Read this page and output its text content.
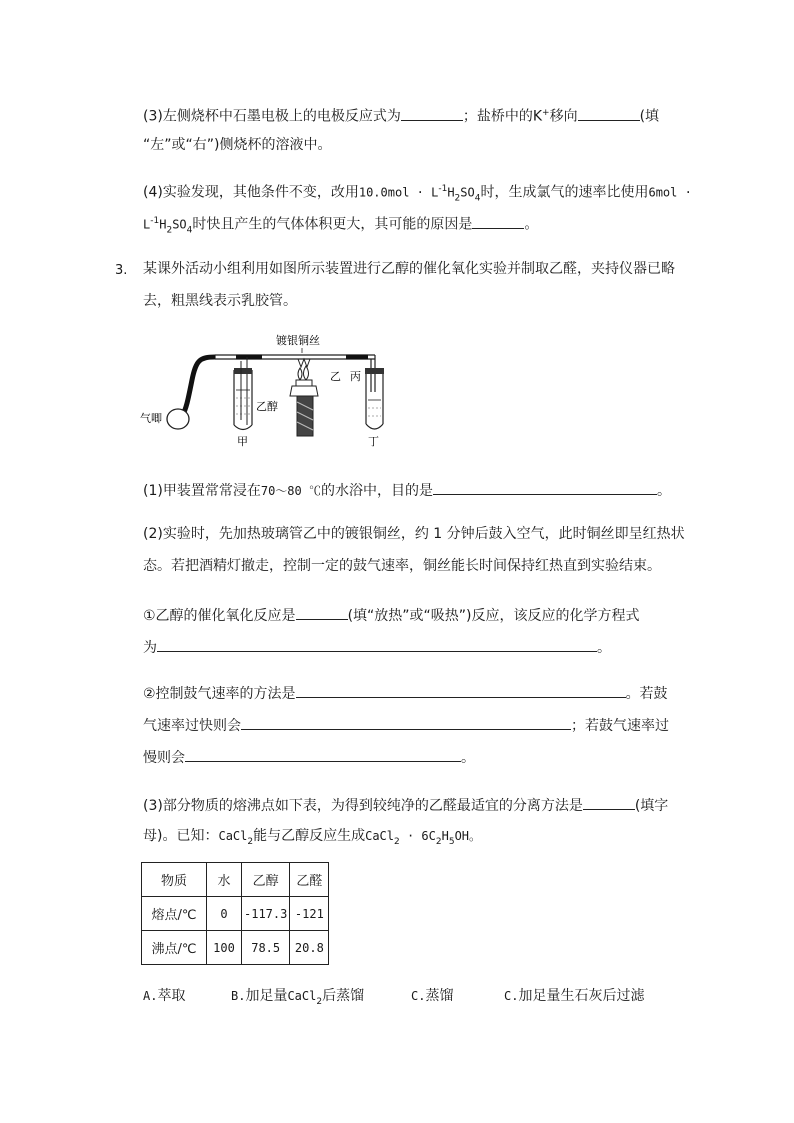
(3)左侧烧杯中石墨电极上的电极反应式为	；盐桥中的K+移向	(填
“左”或“右”)侧烧杯的溶液中。
(4)实验发现，其他条件不变，改用$10.0mol \cdot L^{-1}H_2SO_4$时，生成氯气的速率比使用6mol ·
$L^{-1}H_2SO_4$时快且产生的气体体积更大，其可能的原因是	。
3. 某课外活动小组利用如图所示装置进行乙醇的催化氧化实验并制取乙醛，夹持仪器已略
去，粗黑线表示乳胶管。
镀银铜丝
乙 丙
乙醇
气唧
甲	丁
(1)甲装置常常浸在70～80 ℃的水浴中，目的是	。
(2)实验时，先加热玻璃管乙中的镀银铜丝，约 1 分钟后鼓入空气，此时铜丝即呈红热状
态。若把酒精灯撤走，控制一定的鼓气速率，铜丝能长时间保持红热直到实验结束。
①乙醇的催化氧化反应是	(填“放热”或“吸热”)反应，该反应的化学方程式
为	。
②控制鼓气速率的方法是	。若鼓
气速率过快则会	；若鼓气速率过
慢则会	。
(3)部分物质的熔沸点如下表，为得到较纯净的乙醛最适宜的分离方法是	(填字
母)。已知：CaCl$_2$能与乙醇反应生成CaCl$_2$ · $6C_2H_5OH$。
物质	水	乙醇	乙醛
熔点/℃	0	-117.3	-121
沸点/℃	100	78.5	20.8
A.萃取	B.加足量CaCl$_2$后蒸馏	C.蒸馏	C.加足量生石灰后过滤
